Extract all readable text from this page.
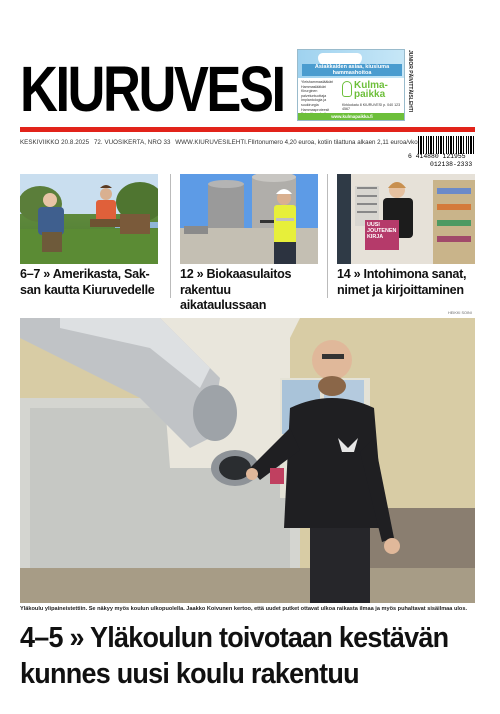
KIURUVESI	Asiakkaiden asiaa, kiusiuma hammashoitoa
Yleishammaslääkäri
Hammaslääkäri
Kirurginen palveluntuottaja
Implantologia ja suukirurgia
Hammasproteesit
Kulma-paikka
Kirkkokatu 8 KIURUVESI p. 040 123 4567
www.kulmapaikka.fi
JUNIOR PÄIVITTÄISLEHTI
KESKIVIIKKO 20.8.2025 72. VUOSIKERTA, NRO 33 WWW.KIURUVESILEHTI.FI Irtonumero 4,20 euroa, kotiin tilattuna alkaen 2,11 euroa/vko
6 414880 121955
012138-2333
UUSI JOUTENEN KIRJA
6–7 » Amerikasta, Sak-
san kautta Kiuruvedelle
12 » Biokaasulaitos
rakentuu aikataulussaan
14 » Intohimona sanat,
nimet ja kirjoittaminen
HEIKKI SOINI
Yläkoulu ylipaineistettiin. Se näkyy myös koulun ulkopuolella. Jaakko Koivunen kertoo, että uudet putket ottavat ulkoa raikasta ilmaa ja myös puhaltavat sisäilmaa ulos.
4–5 » Yläkoulun toivotaan kestävän
kunnes uusi koulu rakentuu
